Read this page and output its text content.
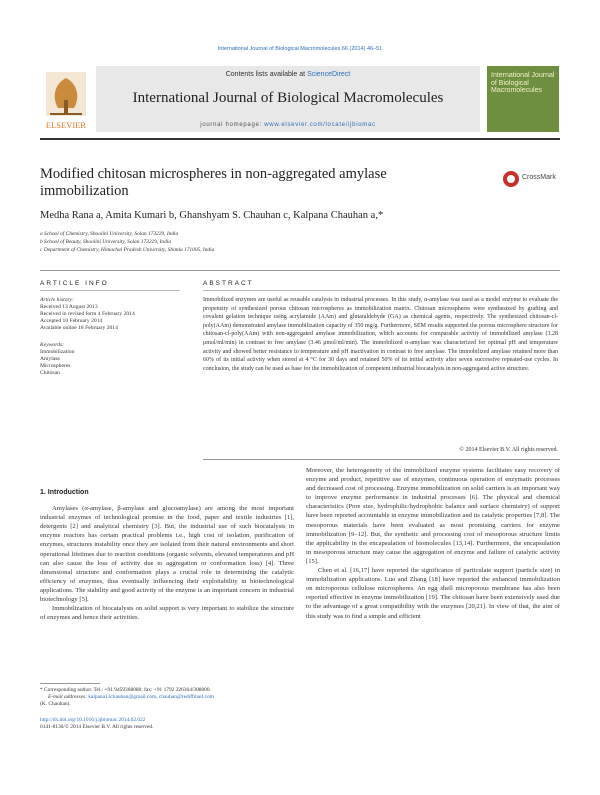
International Journal of Biological Macromolecules 66 (2014) 46–51
ELSEVIER
Contents lists available at ScienceDirect
International Journal of Biological Macromolecules
journal homepage: www.elsevier.com/locate/ijbiomac
International Journal of Biological Macromolecules
Modified chitosan microspheres in non-aggregated amylase immobilization
CrossMark
Medha Rana a, Amita Kumari b, Ghanshyam S. Chauhan c, Kalpana Chauhan a,*
a School of Chemistry, Shoolini University, Solan 173229, India
b School of Beauty, Shoolini University, Solan 173229, India
c Department of Chemistry, Himachal Pradesh University, Shimla 171005, India
ARTICLE INFO	ABSTRACT
Article history:
Received 13 August 2013
Received in revised form 4 February 2014
Accepted 10 February 2014
Available online 18 February 2014
Keywords:
Immobilization
Amylase
Microspheres
Chitosan
Immobilized enzymes are useful as reusable catalysts in industrial processes. In this study, α-amylase was used as a model enzyme to evaluate the propensity of synthesized porous chitosan microspheres as immobilization matrix. Chitosan microspheres were synthesized by grafting and covalent gelation technique using acrylamide (AAm) and glutaraldehyde (GA) as chemical agents, respectively. The synthesized chitosan-cl-poly(AAm) demonstrated amylase immobilization capacity of 350 mg/g. Furthermore, SEM results supported the porous microsphere structure for chitosan-cl-poly(AAm) with non-aggregated amylase immobilization, which accounts for comparable activity of immobilized amylase (3.28 μmol/ml/min) in contrast to free amylase (3.46 μmol/ml/min). The immobilized α-amylase was characterized for optimal pH and temperature activity and showed better resistance to temperature and pH inactivation in contrast to free amylase. The immobilized amylase retained more than 60% of its initial activity when stored at 4 °C for 30 days and retained 50% of its initial activity after seven successive repeated-use cycles. In conclusion, the study can be used as base for the immobilization of competent industrial biocatalysts in non-aggregated active structure.
© 2014 Elsevier B.V. All rights reserved.
1. Introduction

Amylases (α-amylase, β-amylase and glucoamylase) are among the most important industrial enzymes of technological promise in the food, paper and textile industries [1], detergents [2] and analytical chemistry [3]. But, the industrial use of such biocatalysts in enzyme reactors has certain practical problems i.e., high cost of isolation, purification of enzymes, structures instability once they are isolated from their natural environments and short operational lifetimes due to reaction conditions (organic solvents, elevated temperatures and pH can also cause the loss of activity due to aggregation or conformation loss) [4]. Three dimensional structure and conformation plays a crucial role in determining the catalytic efficiency of enzymes, thus eventually influencing their exploitability in biotechnological applications. The stability and good activity of the enzyme is an important concern in industrial biotechnology [5].

Immobilization of biocatalysts on solid support is very important to stabilize the structure of enzymes and hence their activities.

Moreover, the heterogeneity of the immobilized enzyme systems facilitates easy recovery of enzyme and product, repetitive use of enzymes, continuous operation of enzymatic processes and decreased cost of processing. Enzyme immobilization on solid carriers is an important way to improve enzyme performance in industrial processes [6]. The physical and chemical characteristics (Pore size, hydrophilic/hydrophobic balance and surface chemistry) of support have been reported accountable in enzyme immobilization and its catalytic properties [7,8]. The mesoporous materials have been evaluated as most promising carriers for enzyme immobilization [9–12]. But, the synthetic and processing cost of mesoporous structure limits the applicability in the encapsulation of biomolecules [13,14]. Furthermore, the encapsulation in mesoporous structure may cause the aggregation of enzyme and failure of catalytic activity [15].

Chen et al. [16,17] have reported the significance of particulate support (particle size) in immobilization applications. Luo and Zhang [18] have reported the enhanced immobilization on microporous cellulose microspheres. An egg shell microporous membrane has also been reported effective in enzyme immobilization [19]. The chitosan have been extensively used due to the advantage of a great compatibility with the enzymes [20,21]. In view of that, the aim of this study was to find a simple and efficient

* Corresponding author. Tel.: +91 9459368088; fax: +91 1792 226364/308000.
E-mail addresses: kalpana13chauhan@gmail.com, chauhan@rediffmail.com
(K. Chauhan).
http://dx.doi.org/10.1016/j.ijbiomac.2014.02.022
0141-8130/© 2014 Elsevier B.V. All rights reserved.
